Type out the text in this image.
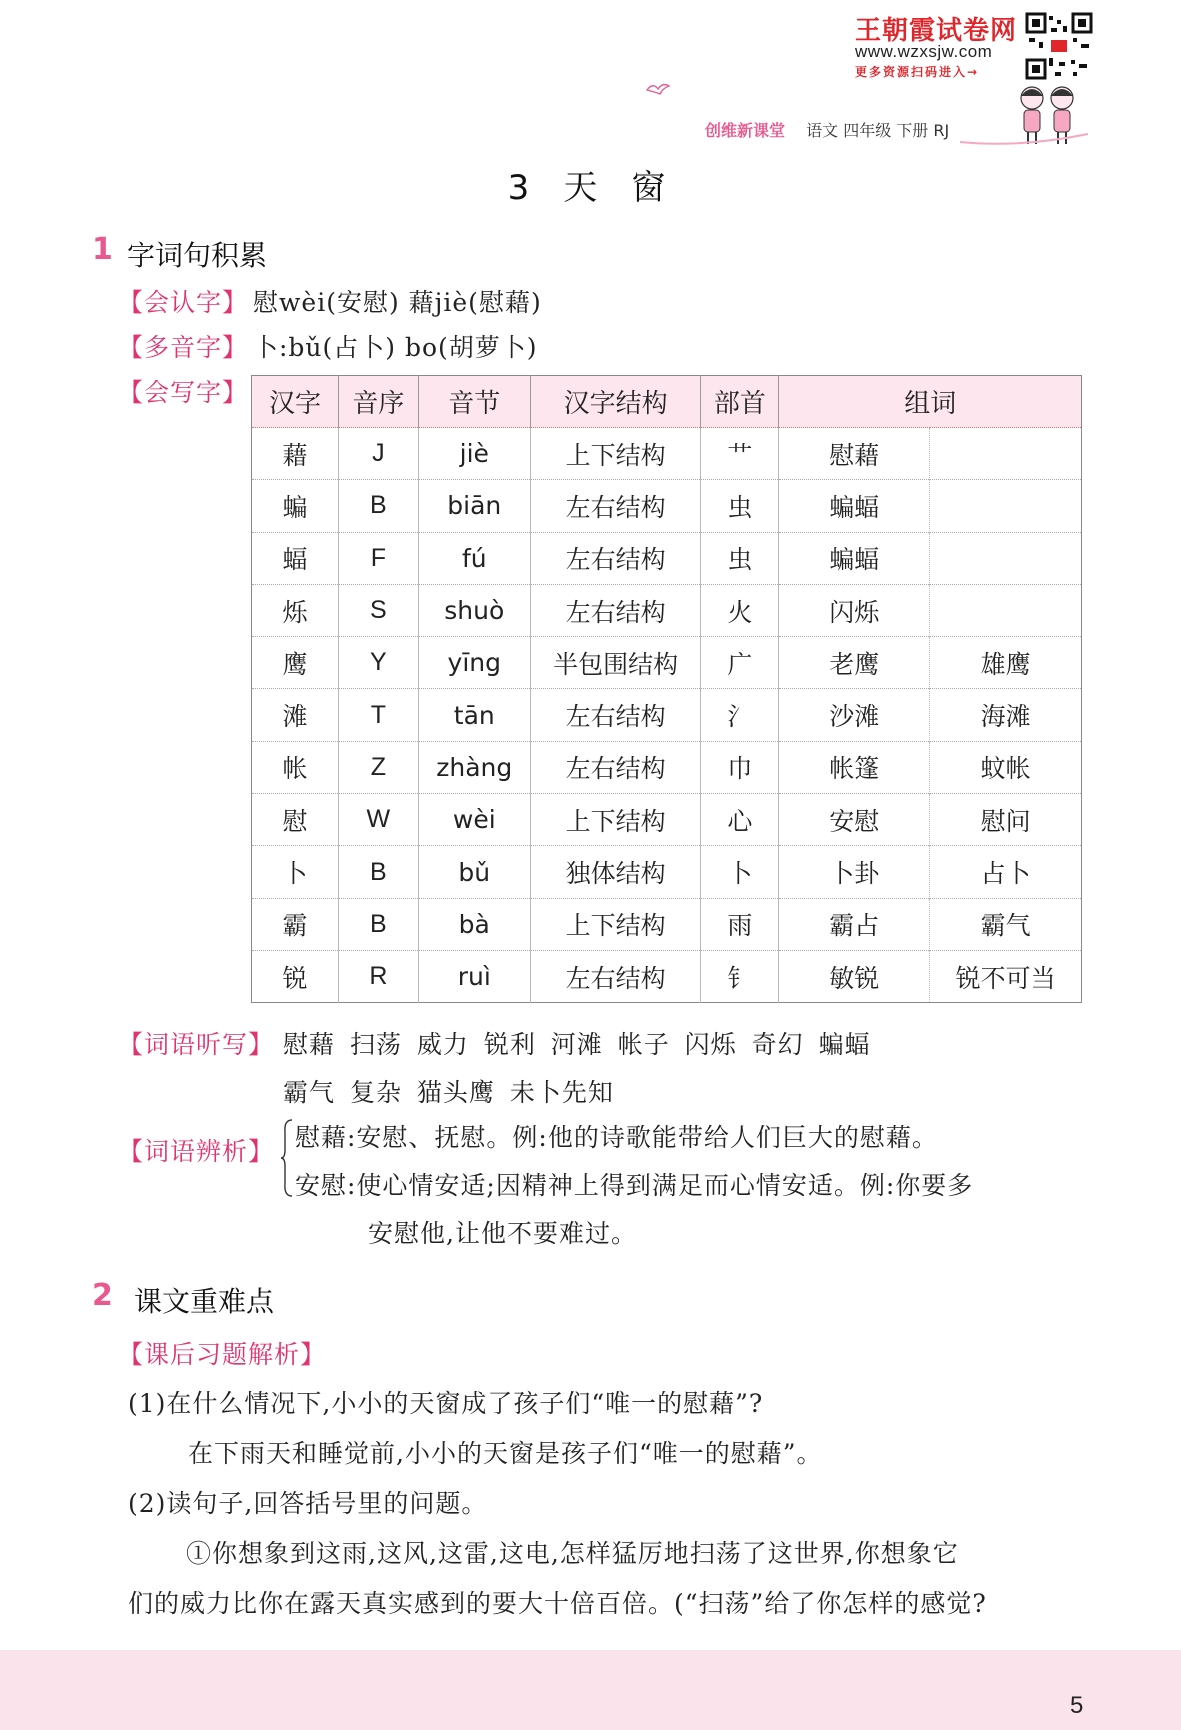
王朝霞试卷网
www.wzxsjw.com
更多资源扫码进入→
创维新课堂 语文 四年级 下册 RJ
3 天 窗
1 字词句积累
【会认字】 慰wèi(安慰) 藉jiè(慰藉)
【多音字】 卜:bǔ(占卜) bo(胡萝卜)
【会写字】 汉字	音序	音节	汉字结构	部首	组词	
藉	J	jiè	上下结构	艹	慰藉	
蝙	B	biān	左右结构	虫	蝙蝠	
蝠	F	fú	左右结构	虫	蝙蝠	
烁	S	shuò	左右结构	火	闪烁	
鹰	Y	yīng	半包围结构	广	老鹰	雄鹰
滩	T	tān	左右结构	氵	沙滩	海滩
帐	Z	zhàng	左右结构	巾	帐篷	蚊帐
慰	W	wèi	上下结构	心	安慰	慰问
卜	B	bǔ	独体结构	卜	卜卦	占卜
霸	B	bà	上下结构	雨	霸占	霸气
锐	R	ruì	左右结构	钅	敏锐	锐不可当
【词语听写】 慰藉 扫荡 威力 锐利 河滩 帐子 闪烁 奇幻 蝙蝠
霸气 复杂 猫头鹰 未卜先知
【词语辨析】 慰藉:安慰、抚慰。例:他的诗歌能带给人们巨大的慰藉。
安慰:使心情安适;因精神上得到满足而心情安适。例:你要多
安慰他,让他不要难过。
2 课文重难点
【课后习题解析】
(1)在什么情况下,小小的天窗成了孩子们“唯一的慰藉”?
在下雨天和睡觉前,小小的天窗是孩子们“唯一的慰藉”。
(2)读句子,回答括号里的问题。
①你想象到这雨,这风,这雷,这电,怎样猛厉地扫荡了这世界,你想象它
们的威力比你在露天真实感到的要大十倍百倍。(“扫荡”给了你怎样的感觉?
5
